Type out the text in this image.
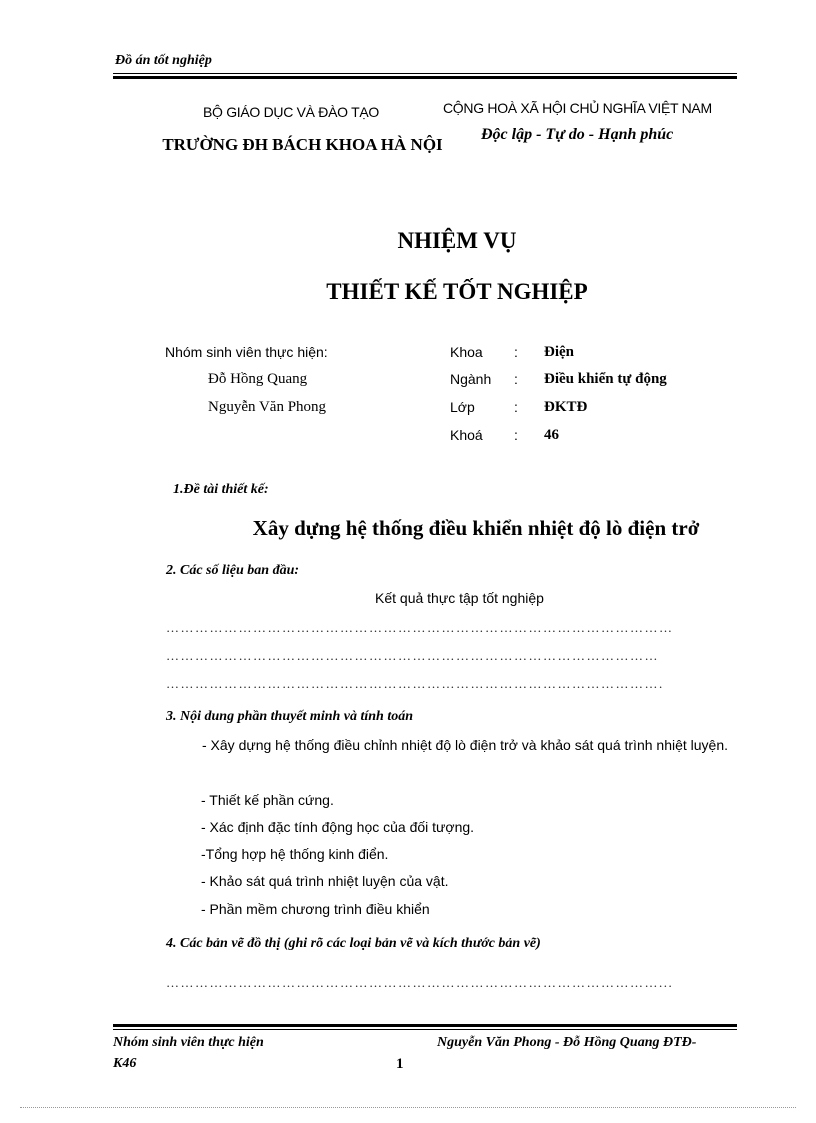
Đồ án tốt nghiệp
BỘ GIÁO DỤC VÀ ĐÀO TẠO
TRƯỜNG ĐH BÁCH KHOA HÀ NỘI
CỘNG HOÀ XÃ HỘI CHỦ NGHĨA VIỆT NAM
Độc lập - Tự do - Hạnh phúc
NHIỆM VỤ
THIẾT KẾ TỐT NGHIỆP
Nhóm sinh viên thực hiện:
Đỗ Hồng Quang
Nguyễn Văn Phong
Khoa : Điện
Ngành : Điều khiển tự động
Lớp	: ĐKTĐ
Khoá : 46
1.Đề tài thiết kế:
Xây dựng hệ thống điều khiển nhiệt độ lò điện trở
2. Các số liệu ban đầu:
Kết quả thực tập tốt nghiệp
……………………………………………………………………………………………
…………………………………………………………………………………………
………………………………………………………………………………………….
3. Nội dung phần thuyết minh và tính toán
- Xây dựng hệ thống điều chỉnh nhiệt độ lò điện trở và khảo sát quá trình nhiệt luyện.
- Thiết kế phần cứng.
- Xác định đặc tính động học của đối tượng.
-Tổng hợp hệ thống kinh điển.
- Khảo sát quá trình nhiệt luyện của vật.
- Phần mềm chương trình điều khiển
4. Các bản vẽ đồ thị (ghi rõ các loại bản vẽ và kích thước bản vẽ)
…………………………………………………………………………………………...
Nhóm sinh viên thực hiện
K46
Nguyễn Văn Phong - Đỗ Hồng Quang ĐTĐ-
1
